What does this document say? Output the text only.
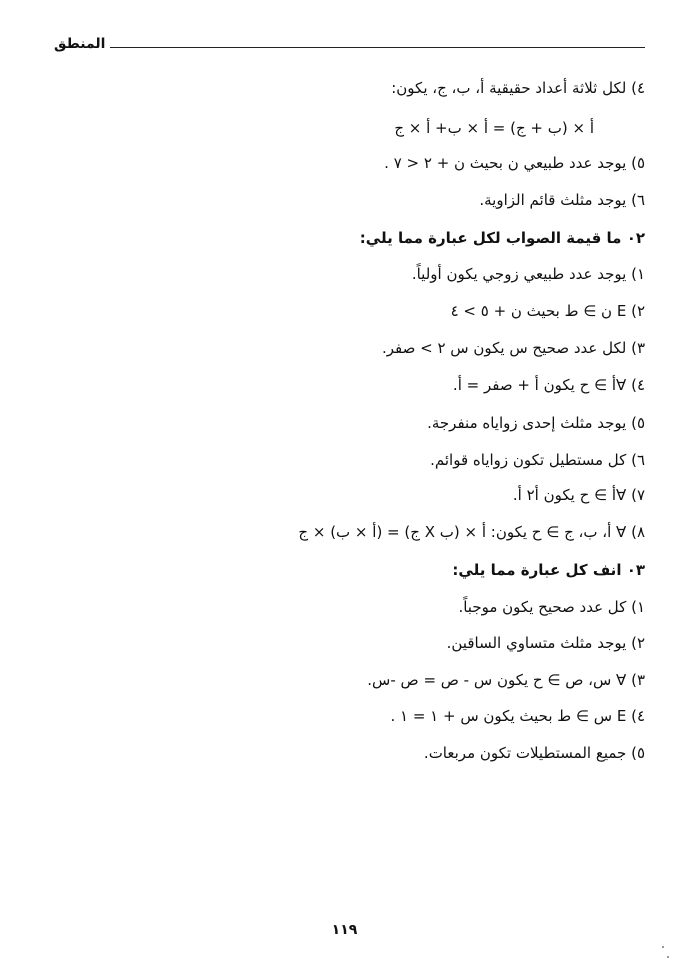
المنطق
٤) لكل ثلاثة أعداد حقيقية أ، ب، ج، يكون:
أ × (ب + ج) = أ × ب+ أ × ج
٥) يوجد عدد طبيعي ن بحيث ن + ٢ < ٧ .
٦) يوجد مثلث قائم الزاوية.
٠٢ ما قيمة الصواب لكل عبارة مما يلي:
١) يوجد عدد طبيعي زوجي يكون أولياً.
٢) E ن ∋ ط بحيث ن + ٥ > ٤
٣) لكل عدد صحيح س يكون س ٢ > صفر.
٤) ∀أ ∋ ح يكون أ + صفر = أ.
٥) يوجد مثلث إحدى زواياه منفرجة.
٦) كل مستطيل تكون زواياه قوائم.
٧) ∀أ ∋ ح يكون أ٢ أ.
٨) ∀ أ، ب، ج ∋ ح يكون: أ × (ب X ج) = (أ × ب) × ج
٠٣ انف كل عبارة مما يلي:
١) كل عدد صحيح يكون موجباً.
٢) يوجد مثلث متساوي الساقين.
٣) ∀ س، ص ∋ ح يكون س - ص = ص -س.
٤) E س ∋ ط بحيث يكون س + ١ = ١ .
٥) جميع المستطيلات تكون مربعات.
١١٩
